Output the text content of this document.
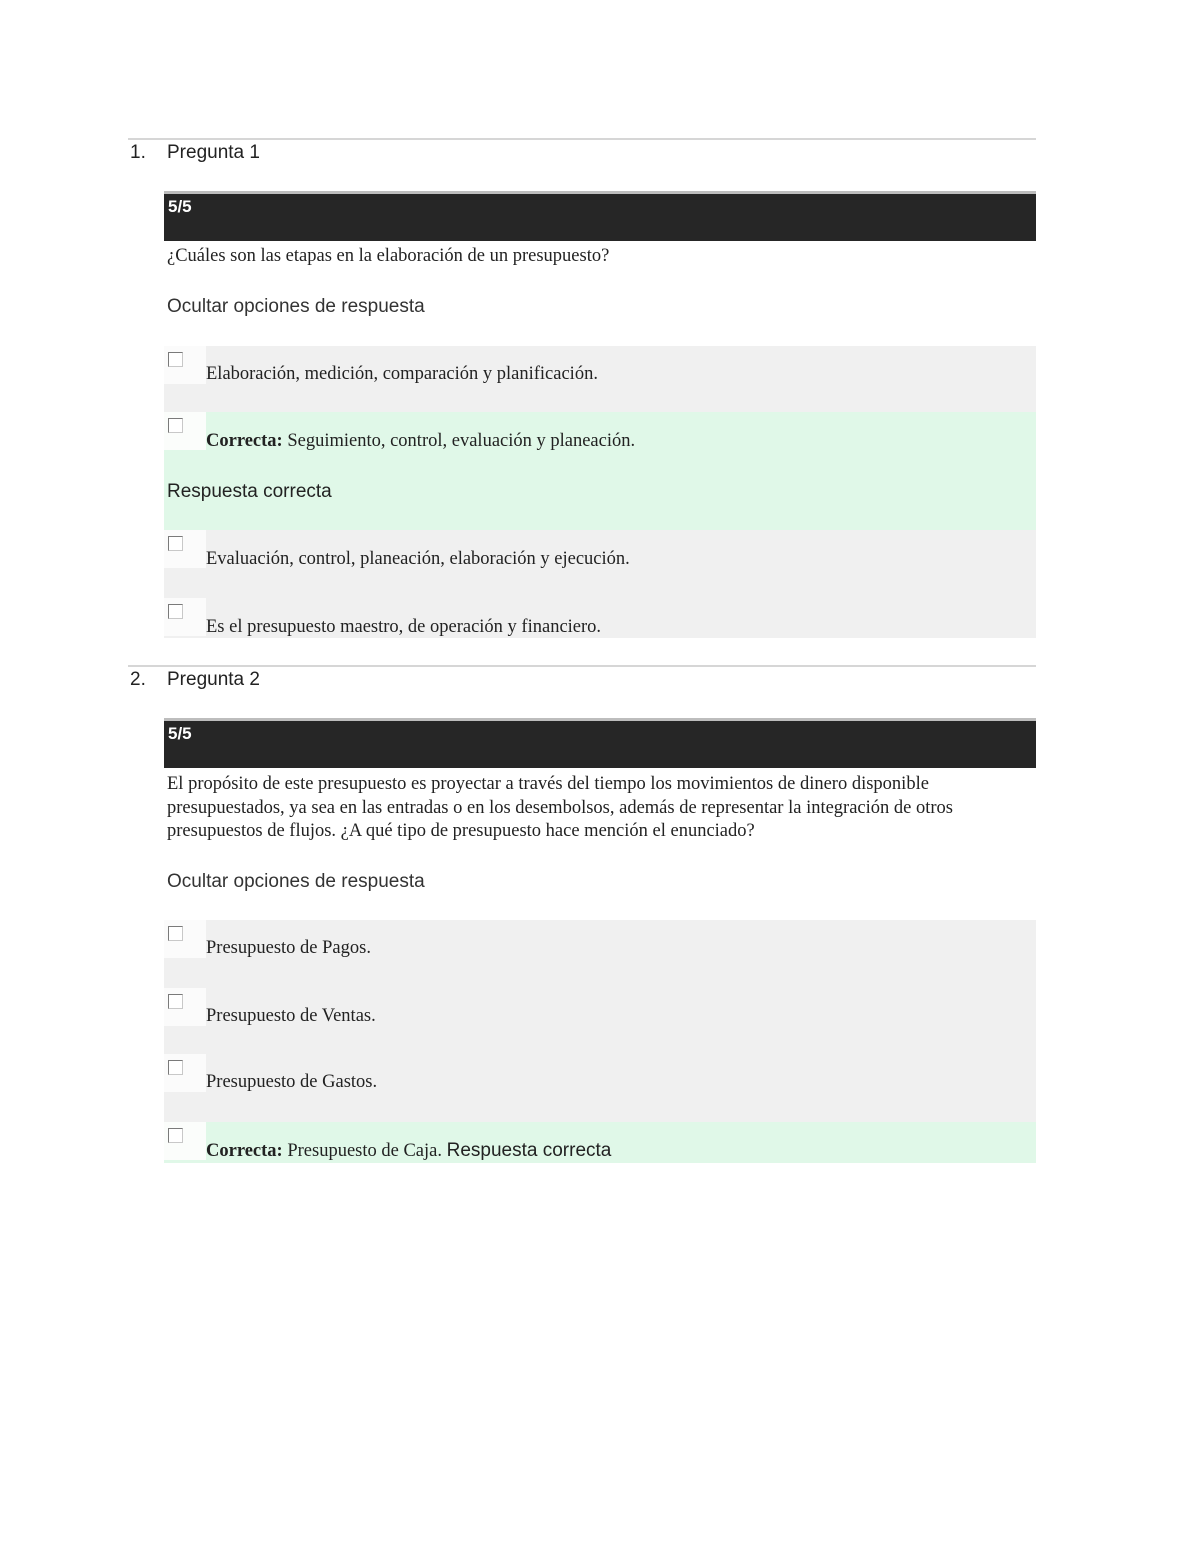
1. Pregunta 1
5/5
¿Cuáles son las etapas en la elaboración de un presupuesto?
Ocultar opciones de respuesta
Elaboración, medición, comparación y planificación.
Correcta: Seguimiento, control, evaluación y planeación.
Respuesta correcta
Evaluación, control, planeación, elaboración y ejecución.
Es el presupuesto maestro, de operación y financiero.
2. Pregunta 2
5/5
El propósito de este presupuesto es proyectar a través del tiempo los movimientos de dinero disponible presupuestados, ya sea en las entradas o en los desembolsos, además de representar la integración de otros presupuestos de flujos. ¿A qué tipo de presupuesto hace mención el enunciado?
Ocultar opciones de respuesta
Presupuesto de Pagos.
Presupuesto de Ventas.
Presupuesto de Gastos.
Correcta: Presupuesto de Caja. Respuesta correcta
